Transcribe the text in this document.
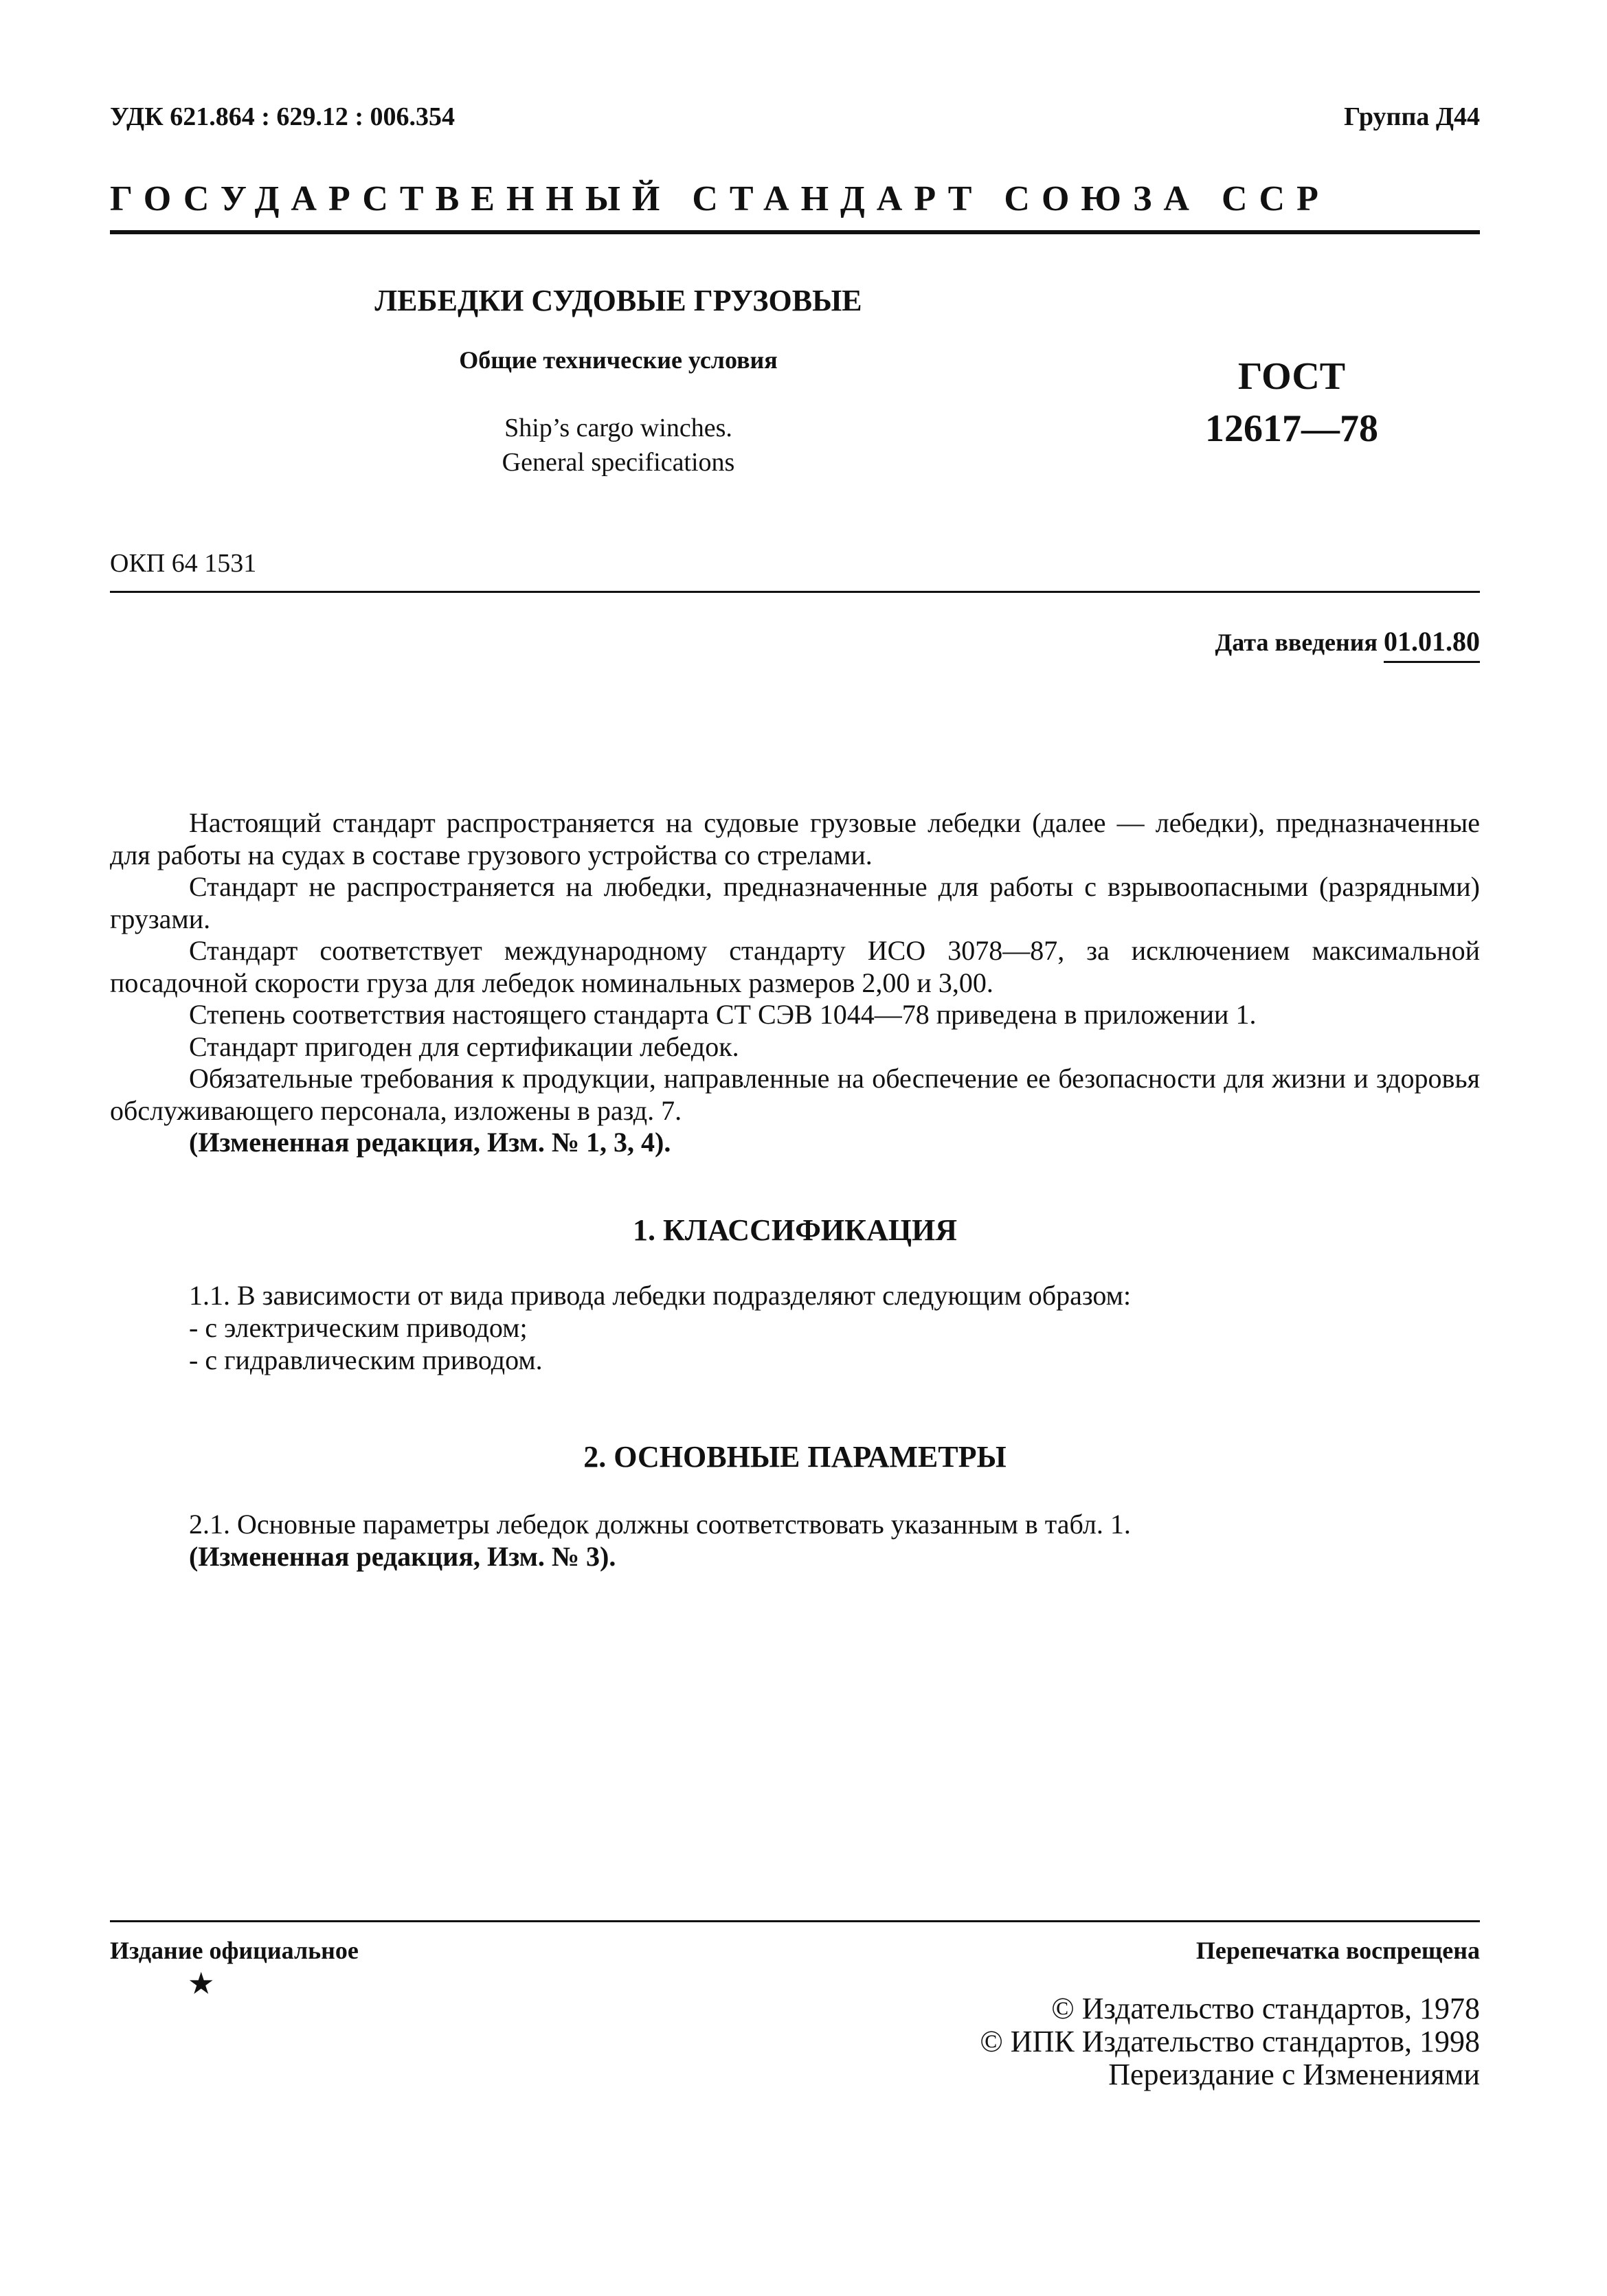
УДК 621.864 : 629.12 : 006.354	Группа Д44
ГОСУДАРСТВЕННЫЙ СТАНДАРТ СОЮЗА ССР
ЛЕБЕДКИ СУДОВЫЕ ГРУЗОВЫЕ
Общие технические условия
Ship’s cargo winches.
General specifications
ГОСТ
12617—78
ОКП 64 1531
Дата введения 01.01.80

Настоящий стандарт распространяется на судовые грузовые лебедки (далее — лебедки), предназначенные для работы на судах в составе грузового устройства со стрелами.

Стандарт не распространяется на любедки, предназначенные для работы с взрывоопасными (разрядными) грузами.

Стандарт соответствует международному стандарту ИСО 3078—87, за исключением максимальной посадочной скорости груза для лебедок номинальных размеров 2,00 и 3,00.

Степень соответствия настоящего стандарта СТ СЭВ 1044—78 приведена в приложении 1.

Стандарт пригоден для сертификации лебедок.

Обязательные требования к продукции, направленные на обеспечение ее безопасности для жизни и здоровья обслуживающего персонала, изложены в разд. 7.

(Измененная редакция, Изм. № 1, 3, 4).

1. КЛАССИФИКАЦИЯ

1.1. В зависимости от вида привода лебедки подразделяют следующим образом:

- с электрическим приводом;

- с гидравлическим приводом.

2. ОСНОВНЫЕ ПАРАМЕТРЫ

2.1. Основные параметры лебедок должны соответствовать указанным в табл. 1.

(Измененная редакция, Изм. № 3).

Издание официальное
★
Перепечатка воспрещена
© Издательство стандартов, 1978
© ИПК Издательство стандартов, 1998
Переиздание с Изменениями
